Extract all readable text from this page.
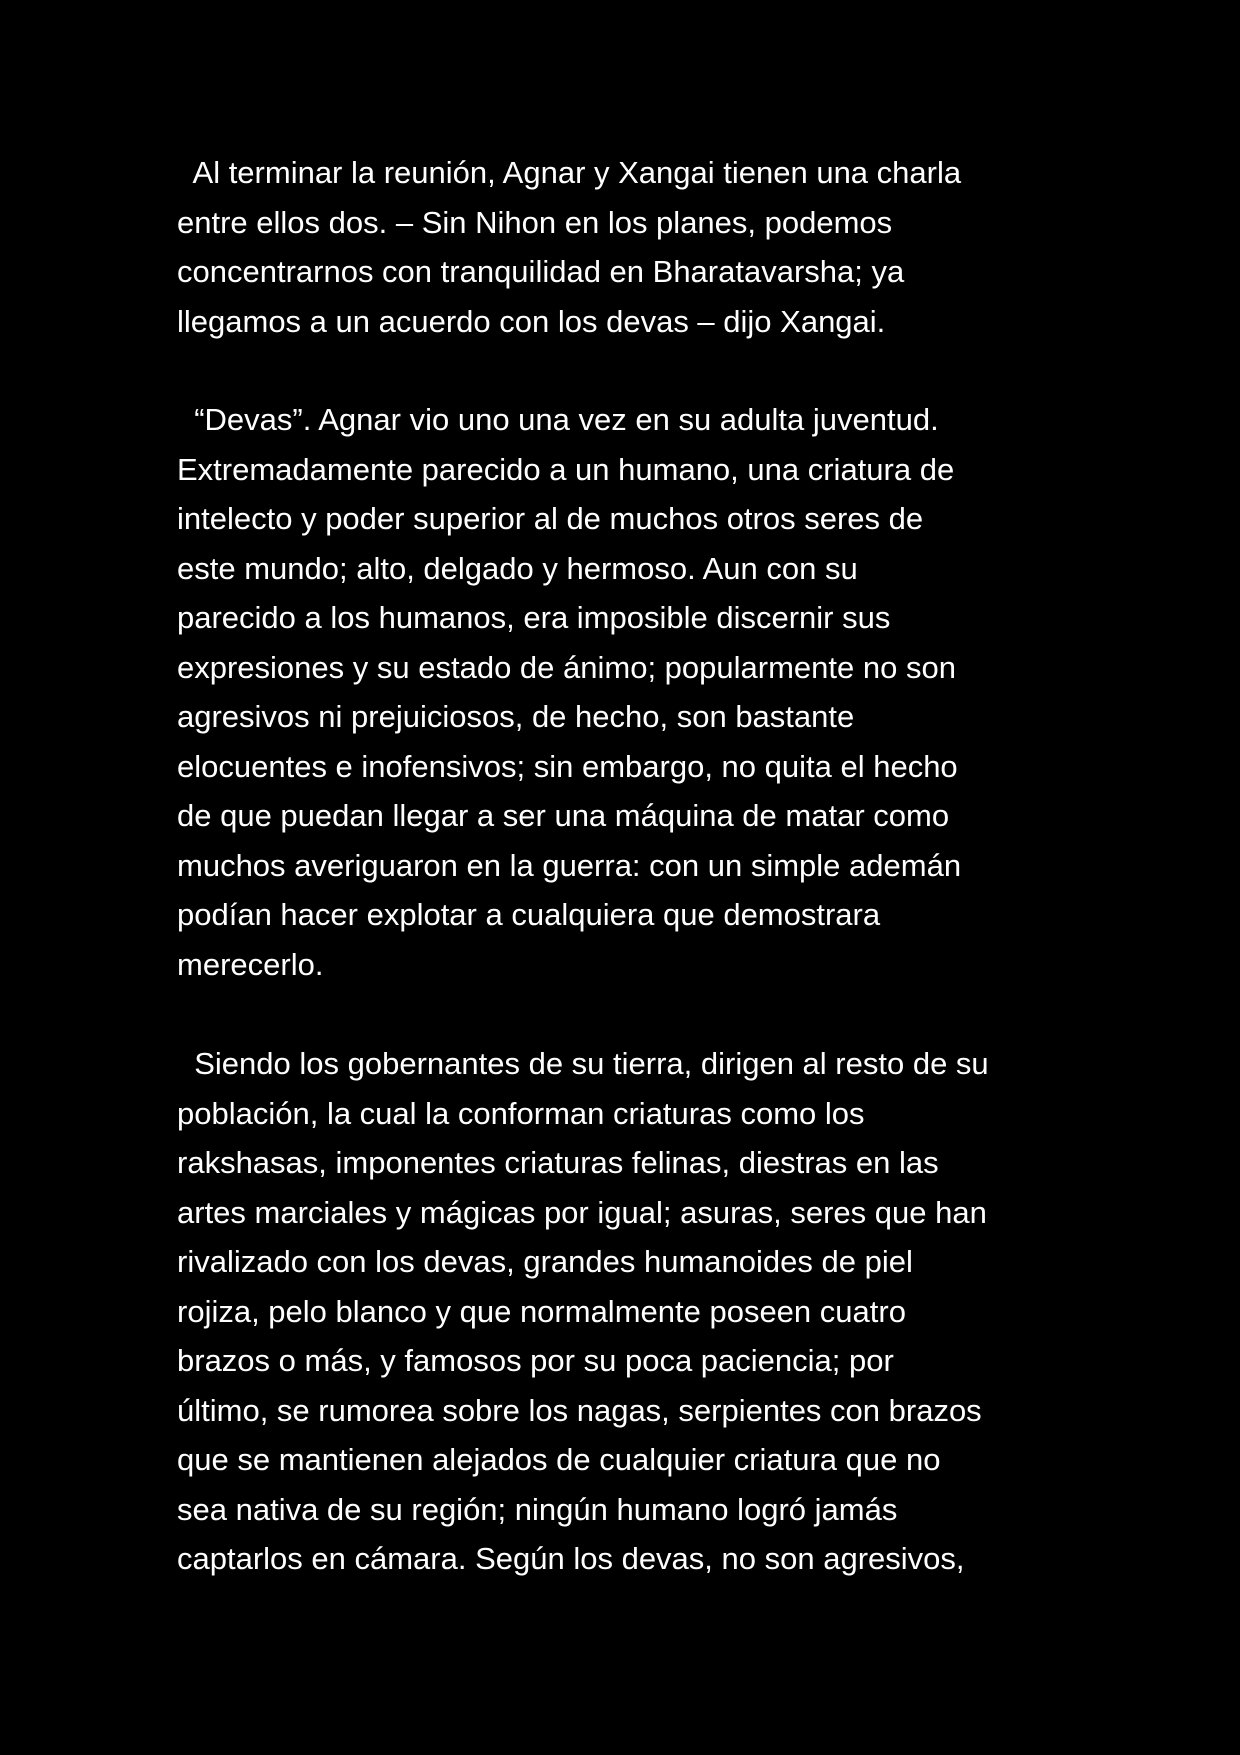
Al terminar la reunión, Agnar y Xangai tienen una charla
entre ellos dos. – Sin Nihon en los planes, podemos
concentrarnos con tranquilidad en Bharatavarsha; ya
llegamos a un acuerdo con los devas – dijo Xangai.
“Devas”. Agnar vio uno una vez en su adulta juventud.
Extremadamente parecido a un humano, una criatura de
intelecto y poder superior al de muchos otros seres de
este mundo; alto, delgado y hermoso. Aun con su
parecido a los humanos, era imposible discernir sus
expresiones y su estado de ánimo; popularmente no son
agresivos ni prejuiciosos, de hecho, son bastante
elocuentes e inofensivos; sin embargo, no quita el hecho
de que puedan llegar a ser una máquina de matar como
muchos averiguaron en la guerra: con un simple ademán
podían hacer explotar a cualquiera que demostrara
merecerlo.
Siendo los gobernantes de su tierra, dirigen al resto de su
población, la cual la conforman criaturas como los
rakshasas, imponentes criaturas felinas, diestras en las
artes marciales y mágicas por igual; asuras, seres que han
rivalizado con los devas, grandes humanoides de piel
rojiza, pelo blanco y que normalmente poseen cuatro
brazos o más, y famosos por su poca paciencia; por
último, se rumorea sobre los nagas, serpientes con brazos
que se mantienen alejados de cualquier criatura que no
sea nativa de su región; ningún humano logró jamás
captarlos en cámara. Según los devas, no son agresivos,
